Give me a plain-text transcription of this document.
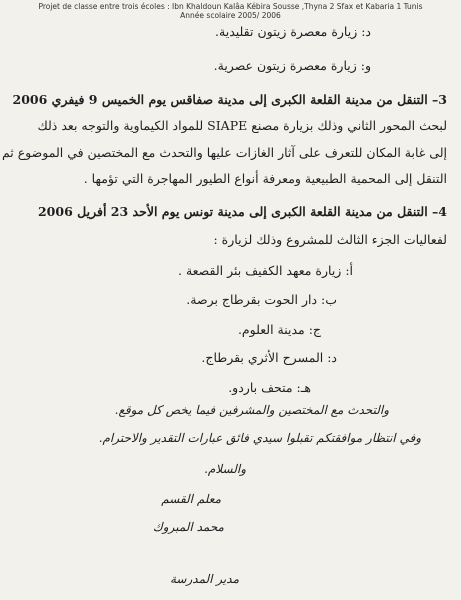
Projet de classe entre trois écoles : Ibn Khaldoun Kalâa Kébira Sousse ,Thyna 2 Sfax et Kabaria 1 Tunis
Année scolaire 2005/ 2006
د: زيارة معصرة زيتون تقليدية.
و: زيارة معصرة زيتون عصرية.
3– التنقل من مدينة القلعة الكبرى إلى مدينة صفاقس يوم الخميس 9 فيفري 2006
لبحث المحور الثاني وذلك بزيارة مصنع SIAPE للمواد الكيماوية والتوجه بعد ذلك
إلى غابة المكان للتعرف على آثار الغازات عليها والتحدث مع المختصين في الموضوع ثم
التنقل إلى المحمية الطبيعية ومعرفة أنواع الطيور المهاجرة التي تؤمها .
4– التنقل من مدينة القلعة الكبرى إلى مدينة تونس يوم الأحد 23 أفريل 2006
لفعاليات الجزء الثالث للمشروع وذلك لزيارة :
أ: زيارة معهد الكفيف بئر القصعة .
ب: دار الحوت بقرطاج برصة.
ج: مدينة العلوم.
د: المسرح الأثري بقرطاج.
هـ: متحف باردو.
والتحدث مع المختصين والمشرفين فيما يخص كل موقع.
وفي انتظار موافقتكم تقبلوا سيدي فائق عبارات التقدير والاحترام.
والسلام.
معلم القسم
محمد المبروك
مدير المدرسة
